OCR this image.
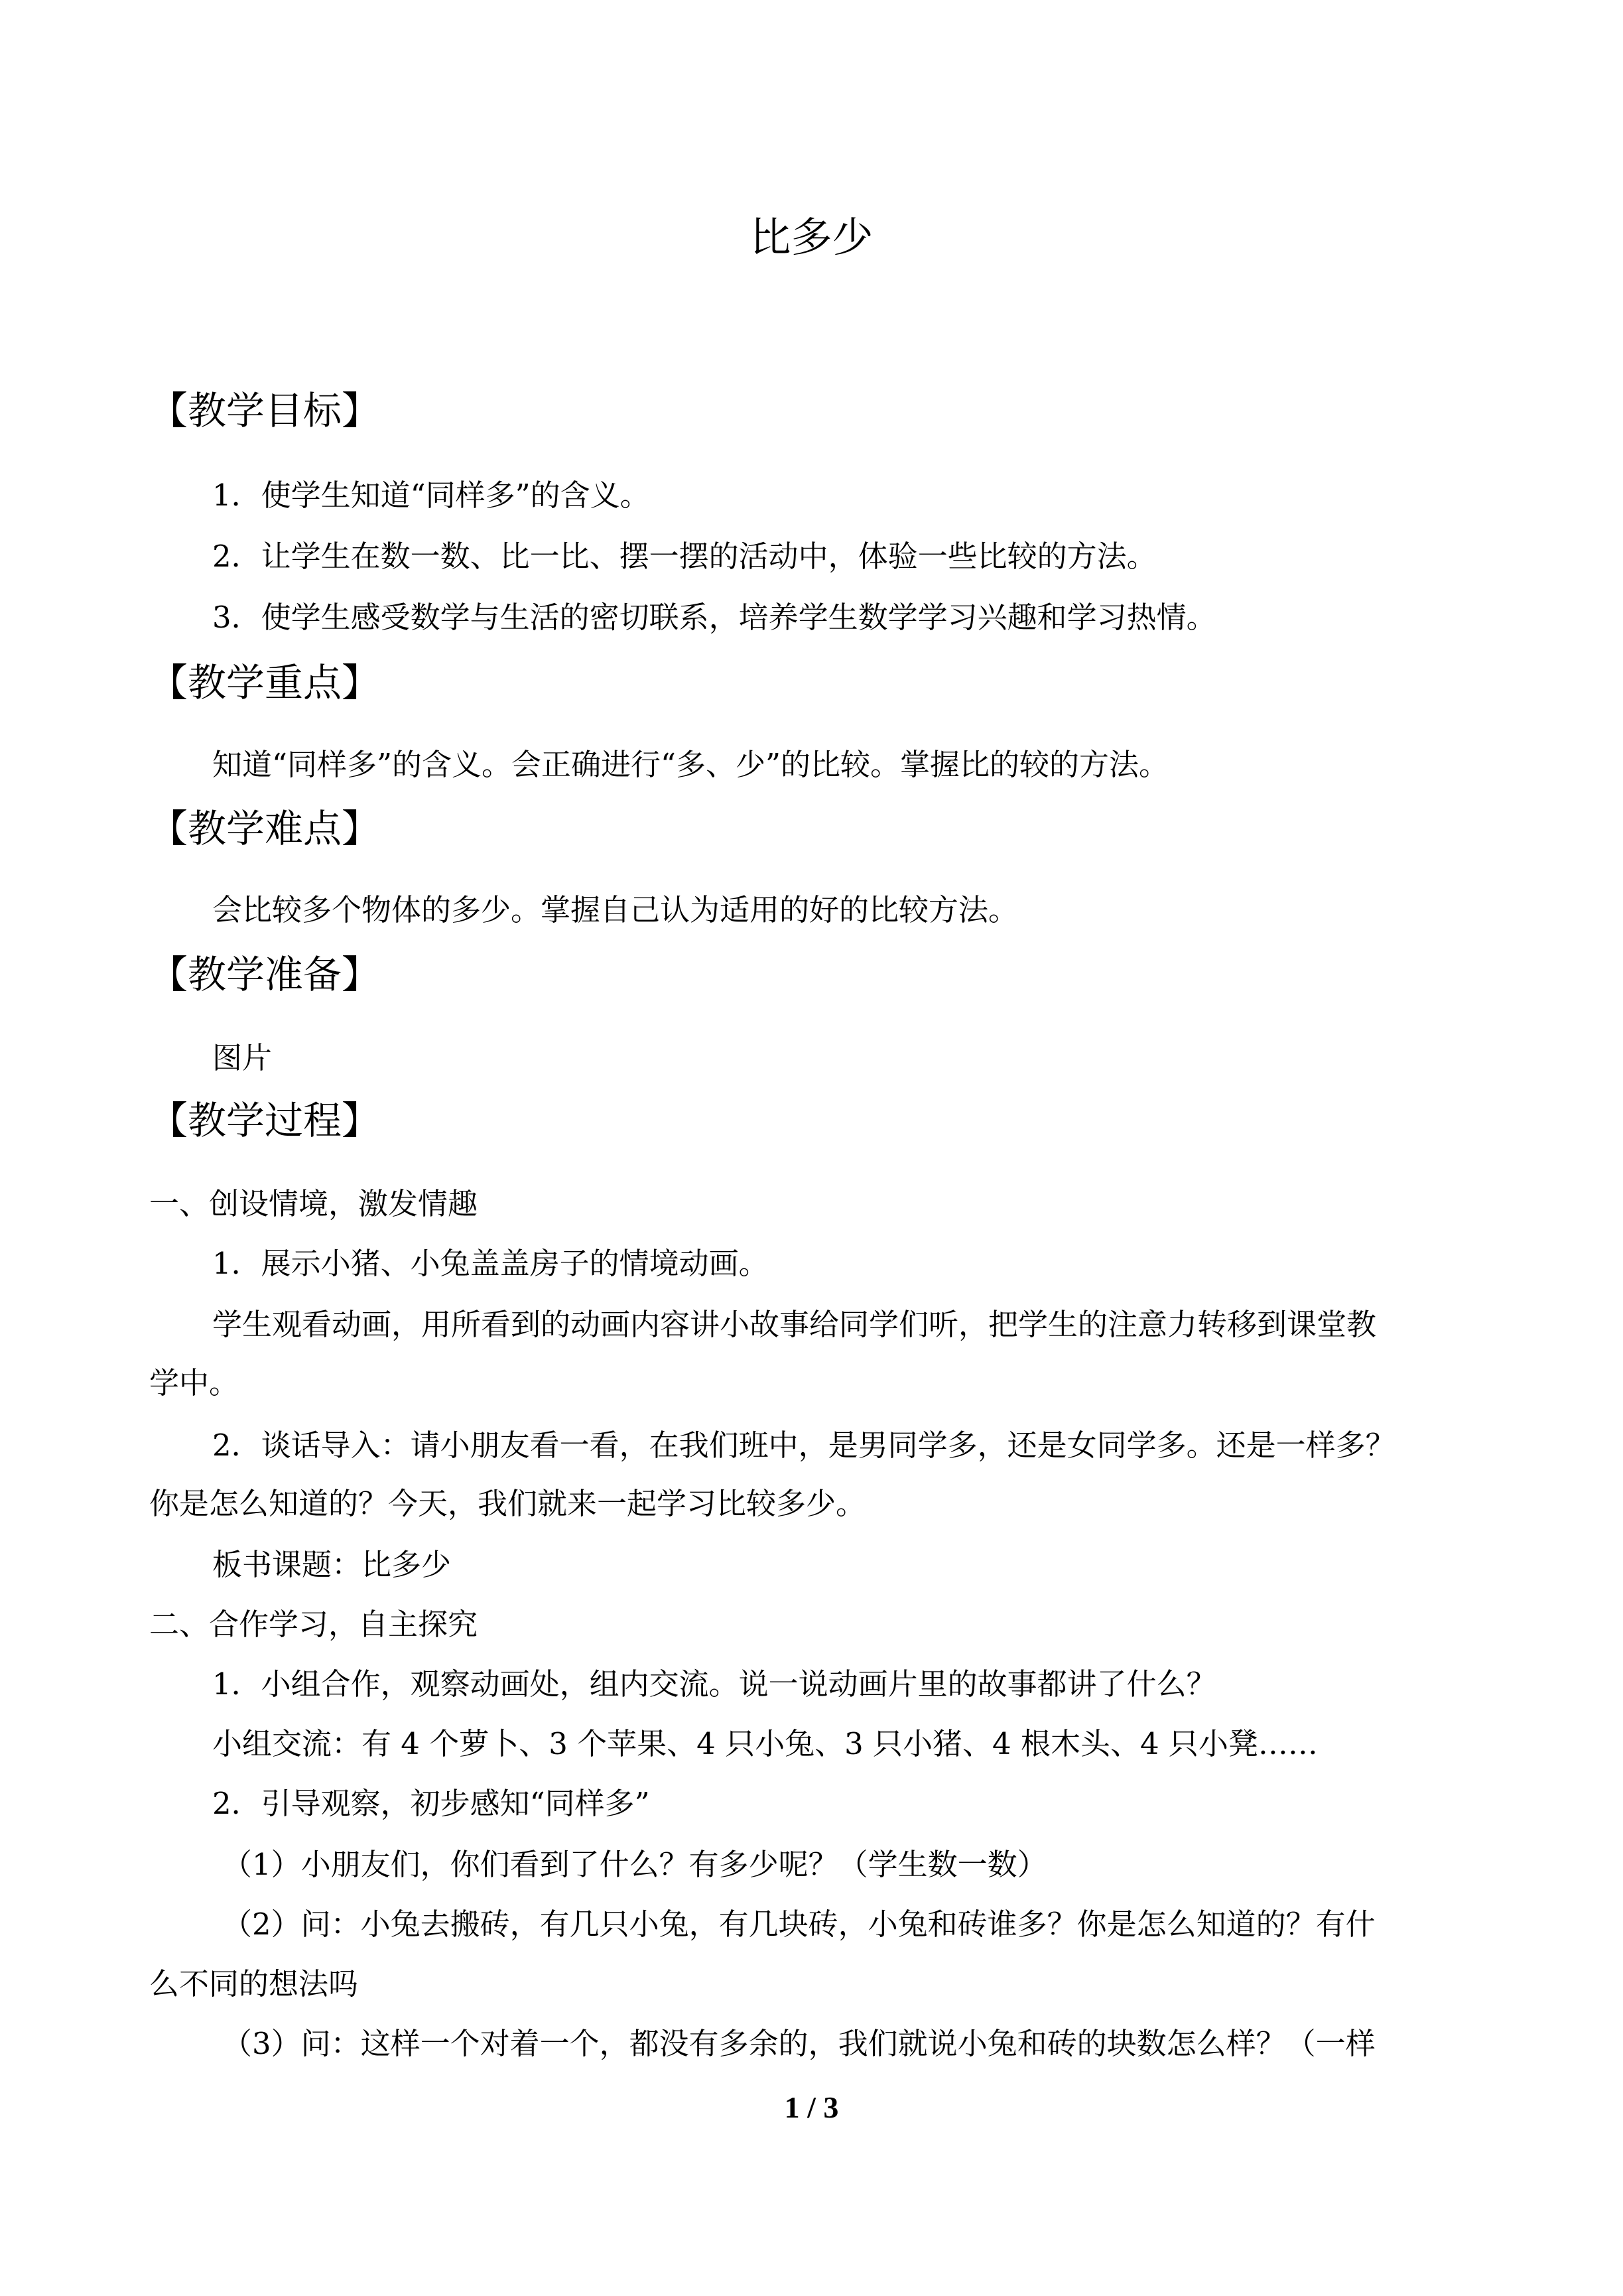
比多少
【教学目标】
1．使学生知道“同样多”的含义。
2．让学生在数一数、比一比、摆一摆的活动中，体验一些比较的方法。
3．使学生感受数学与生活的密切联系，培养学生数学学习兴趣和学习热情。
【教学重点】
知道“同样多”的含义。会正确进行“多、少”的比较。掌握比的较的方法。
【教学难点】
会比较多个物体的多少。掌握自己认为适用的好的比较方法。
【教学准备】
图片
【教学过程】
一、创设情境，激发情趣
1．展示小猪、小兔盖盖房子的情境动画。
学生观看动画，用所看到的动画内容讲小故事给同学们听，把学生的注意力转移到课堂教
学中。
2．谈话导入：请小朋友看一看，在我们班中，是男同学多，还是女同学多。还是一样多？
你是怎么知道的？今天，我们就来一起学习比较多少。
板书课题：比多少
二、合作学习，自主探究
1．小组合作，观察动画处，组内交流。说一说动画片里的故事都讲了什么？
小组交流：有 4 个萝卜、3 个苹果、4 只小兔、3 只小猪、4 根木头、4 只小凳……
2．引导观察，初步感知“同样多”
（1）小朋友们，你们看到了什么？有多少呢？（学生数一数）
（2）问：小兔去搬砖，有几只小兔，有几块砖，小兔和砖谁多？你是怎么知道的？有什
么不同的想法吗
（3）问：这样一个对着一个，都没有多余的，我们就说小兔和砖的块数怎么样？（一样
1 / 3
